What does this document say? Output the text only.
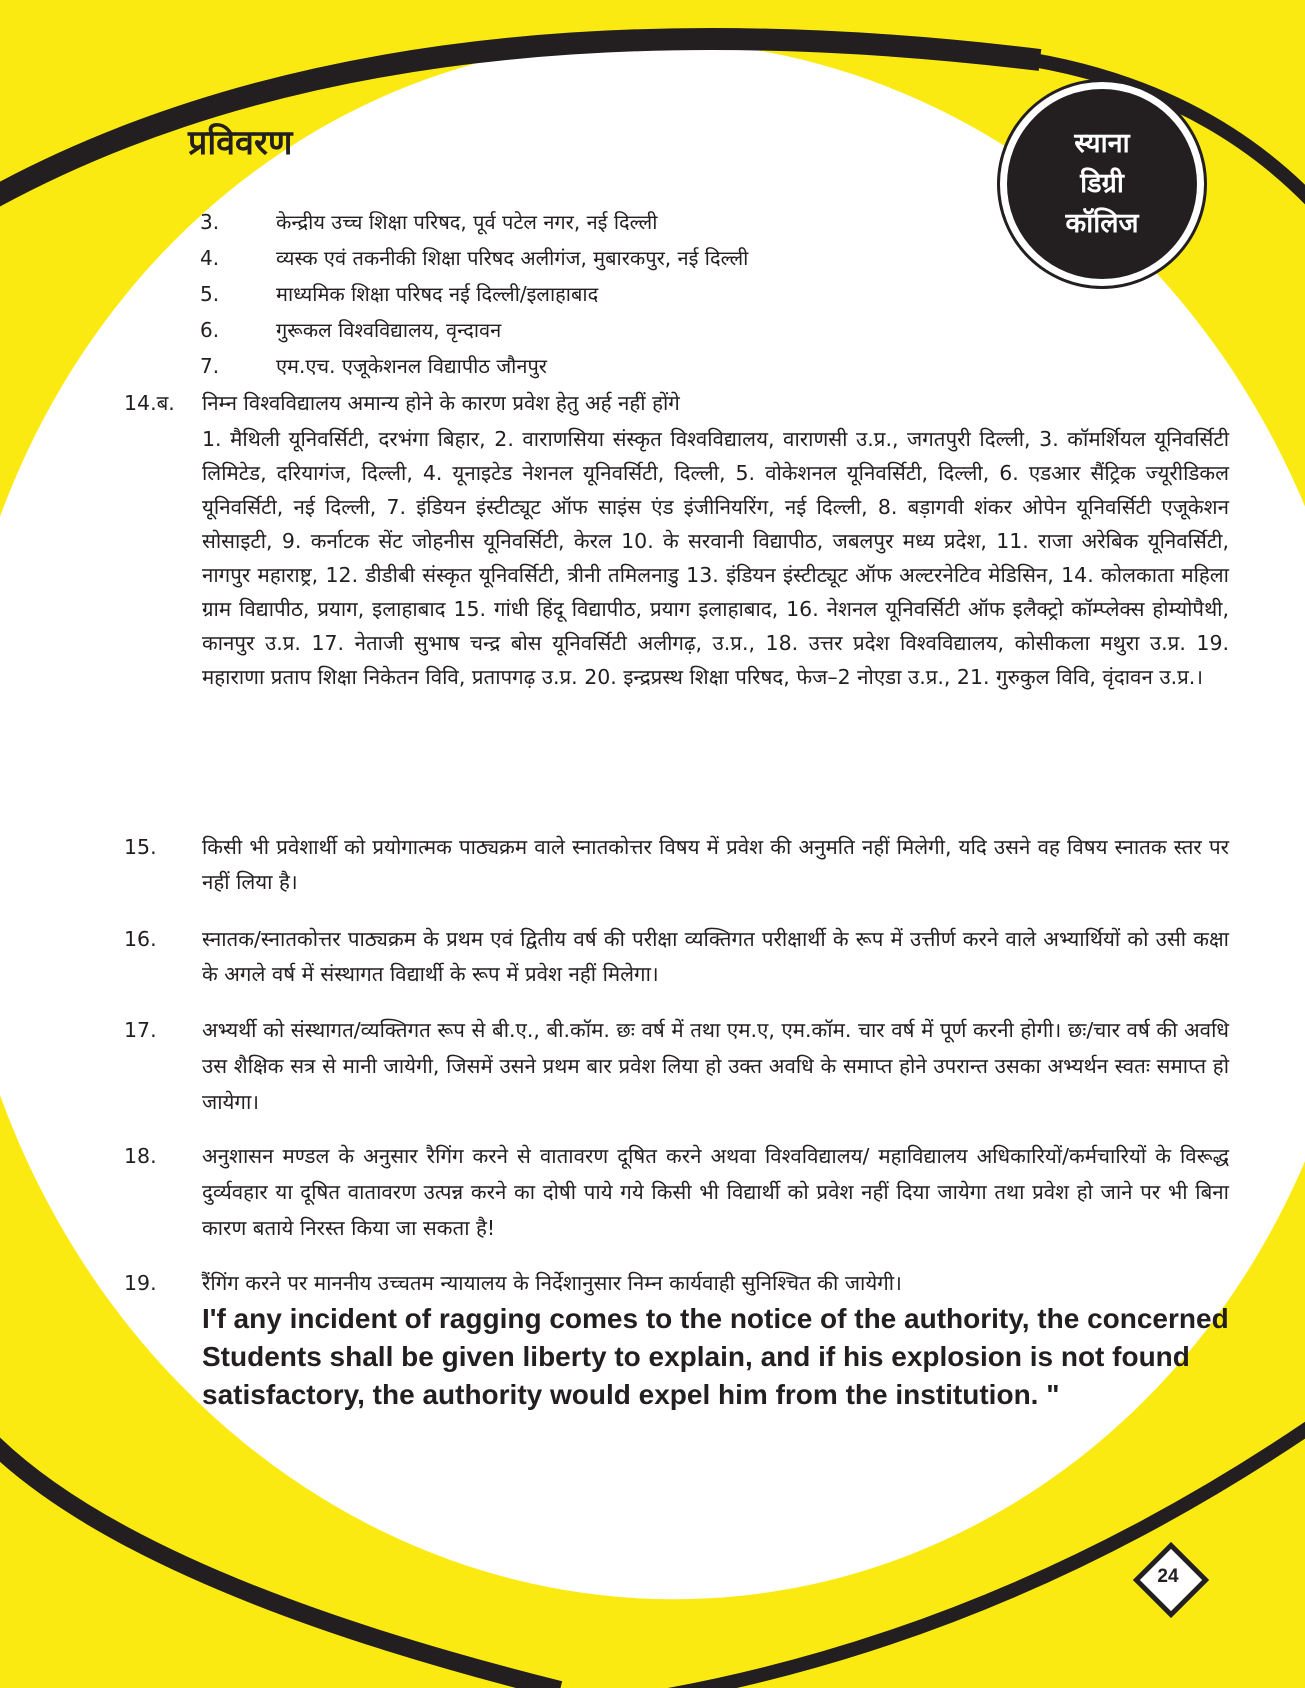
प्रविवरण	स्याना
डिग्री
कॉलिज
3.	केन्द्रीय उच्च शिक्षा परिषद, पूर्व पटेल नगर, नई दिल्ली
4.	व्यस्क एवं तकनीकी शिक्षा परिषद अलीगंज, मुबारकपुर, नई दिल्ली
5.	माध्यमिक शिक्षा परिषद नई दिल्ली/इलाहाबाद
6.	गुरूकल विश्वविद्यालय, वृन्दावन
7.	एम.एच. एजूकेशनल विद्यापीठ जौनपुर
14.ब.	निम्न विश्वविद्यालय अमान्य होने के कारण प्रवेश हेतु अर्ह नहीं होंगे
1. मैथिली यूनिवर्सिटी, दरभंगा बिहार, 2. वाराणसिया संस्कृत विश्वविद्यालय, वाराणसी उ.प्र., जगतपुरी दिल्ली, 3. कॉमर्शियल यूनिवर्सिटी लिमिटेड, दरियागंज, दिल्ली, 4. यूनाइटेड नेशनल यूनिवर्सिटी, दिल्ली, 5. वोकेशनल यूनिवर्सिटी, दिल्ली, 6. एडआर सैंट्रिक ज्यूरीडिकल यूनिवर्सिटी, नई दिल्ली, 7. इंडियन इंस्टीट्यूट ऑफ साइंस एंड इंजीनियरिंग, नई दिल्ली, 8. बड़ागवी शंकर ओपेन यूनिवर्सिटी एजूकेशन सोसाइटी, 9. कर्नाटक सेंट जोहनीस यूनिवर्सिटी, केरल 10. के सरवानी विद्यापीठ, जबलपुर मध्य प्रदेश, 11. राजा अरेबिक यूनिवर्सिटी, नागपुर महाराष्ट्र, 12. डीडीबी संस्कृत यूनिवर्सिटी, त्रीनी तमिलनाडु 13. इंडियन इंस्टीट्यूट ऑफ अल्टरनेटिव मेडिसिन, 14. कोलकाता महिला ग्राम विद्यापीठ, प्रयाग, इलाहाबाद 15. गांधी हिंदू विद्यापीठ, प्रयाग इलाहाबाद, 16. नेशनल यूनिवर्सिटी ऑफ इलैक्ट्रो कॉम्प्लेक्स होम्योपैथी, कानपुर उ.प्र. 17. नेताजी सुभाष चन्द्र बोस यूनिवर्सिटी अलीगढ़, उ.प्र., 18. उत्तर प्रदेश विश्वविद्यालय, कोसीकला मथुरा उ.प्र. 19. महाराणा प्रताप शिक्षा निकेतन विवि, प्रतापगढ़ उ.प्र. 20. इन्द्रप्रस्थ शिक्षा परिषद, फेज–2 नोएडा उ.प्र., 21. गुरुकुल विवि, वृंदावन उ.प्र.।
15.	किसी भी प्रवेशार्थी को प्रयोगात्मक पाठ्यक्रम वाले स्नातकोत्तर विषय में प्रवेश की अनुमति नहीं मिलेगी, यदि उसने वह विषय स्नातक स्तर पर नहीं लिया है।
16.	स्नातक/स्नातकोत्तर पाठ्यक्रम के प्रथम एवं द्वितीय वर्ष की परीक्षा व्यक्तिगत परीक्षार्थी के रूप में उत्तीर्ण करने वाले अभ्यार्थियों को उसी कक्षा के अगले वर्ष में संस्थागत विद्यार्थी के रूप में प्रवेश नहीं मिलेगा।
17.	अभ्यर्थी को संस्थागत/व्यक्तिगत रूप से बी.ए., बी.कॉम. छः वर्ष में तथा एम.ए, एम.कॉम. चार वर्ष में पूर्ण करनी होगी। छः/चार वर्ष की अवधि उस शैक्षिक सत्र से मानी जायेगी, जिसमें उसने प्रथम बार प्रवेश लिया हो उक्त अवधि के समाप्त होने उपरान्त उसका अभ्यर्थन स्वतः समाप्त हो जायेगा।
18.	अनुशासन मण्डल के अनुसार रैगिंग करने से वातावरण दूषित करने अथवा विश्वविद्यालय/ महाविद्यालय अधिकारियों/कर्मचारियों के विरूद्ध दुर्व्यवहार या दूषित वातावरण उत्पन्न करने का दोषी पाये गये किसी भी विद्यार्थी को प्रवेश नहीं दिया जायेगा तथा प्रवेश हो जाने पर भी बिना कारण बताये निरस्त किया जा सकता है!
19.	रैंगिंग करने पर माननीय उच्चतम न्यायालय के निर्देशानुसार निम्न कार्यवाही सुनिश्चित की जायेगी।
I'f any incident of ragging comes to the notice of the authority, the concerned Students shall be given liberty to explain, and if his explosion is not found satisfactory, the authority would expel him from the institution. "
24
